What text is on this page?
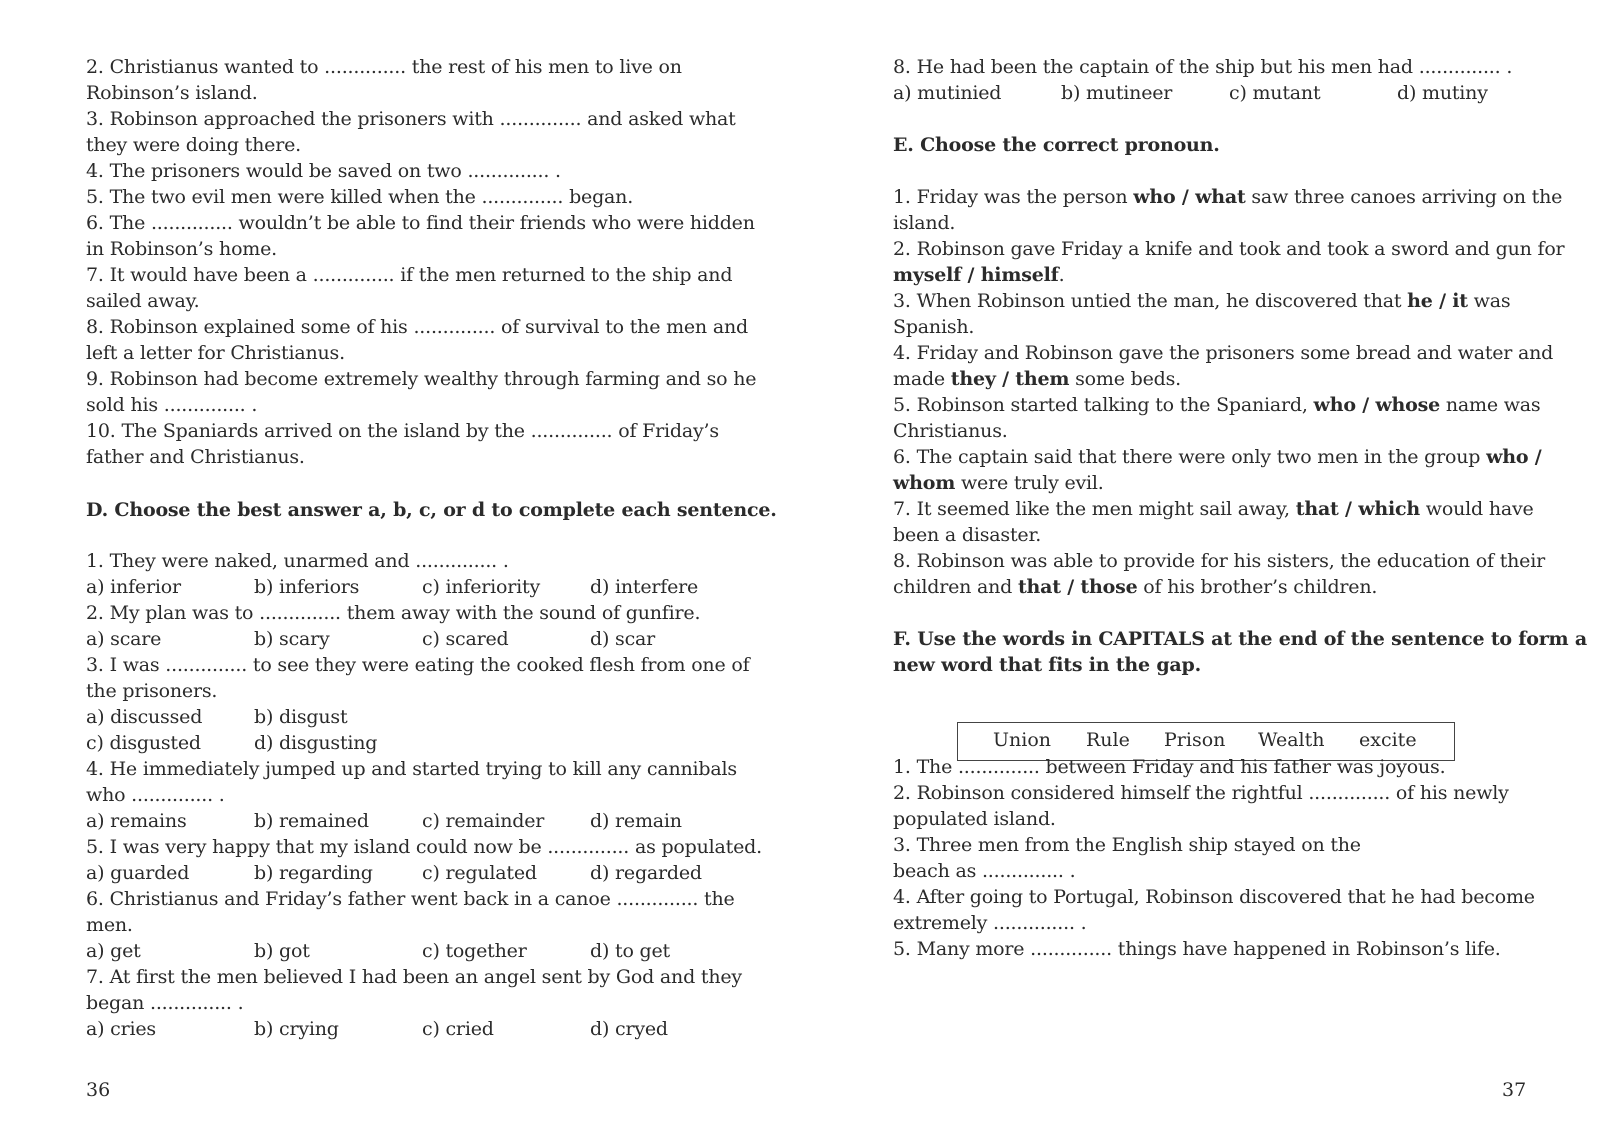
2. Christianus wanted to .............. the rest of his men to live on
Robinson’s island.
3. Robinson approached the prisoners with .............. and asked what
they were doing there.
4. The prisoners would be saved on two .............. .
5. The two evil men were killed when the .............. began.
6. The .............. wouldn’t be able to find their friends who were hidden
in Robinson’s home.
7. It would have been a .............. if the men returned to the ship and
sailed away.
8. Robinson explained some of his .............. of survival to the men and
left a letter for Christianus.
9. Robinson had become extremely wealthy through farming and so he
sold his .............. .
10. The Spaniards arrived on the island by the .............. of Friday’s
father and Christianus.
D. Choose the best answer a, b, c, or d to complete each sentence.
1. They were naked, unarmed and .............. .
a) inferior	b) inferiors	c) inferiority	d) interfere
2. My plan was to .............. them away with the sound of gunfire.
a) scare	b) scary	c) scared	d) scar
3. I was .............. to see they were eating the cooked flesh from one of
the prisoners.
a) discussed	b) disgust
c) disgusted	d) disgusting
4. He immediately jumped up and started trying to kill any cannibals
who .............. .
a) remains	b) remained	c) remainder d) remain
5. I was very happy that my island could now be .............. as populated.
a) guarded	b) regarding	c) regulated	d) regarded
6. Christianus and Friday’s father went back in a canoe .............. the
men.
a) get	b) got	c) together	d) to get
7. At first the men believed I had been an angel sent by God and they
began .............. .
a) cries	b) crying	c) cried	d) cryed
8. He had been the captain of the ship but his men had .............. .
a) mutinied	b) mutineer	c) mutant	d) mutiny
E. Choose the correct pronoun.
1. Friday was the person who / what saw three canoes arriving on the
island.
2. Robinson gave Friday a knife and took and took a sword and gun for
myself / himself.
3. When Robinson untied the man, he discovered that he / it was
Spanish.
4. Friday and Robinson gave the prisoners some bread and water and
made they / them some beds.
5. Robinson started talking to the Spaniard, who / whose name was
Christianus.
6. The captain said that there were only two men in the group who /
whom were truly evil.
7. It seemed like the men might sail away, that / which would have
been a disaster.
8. Robinson was able to provide for his sisters, the education of their
children and that / those of his brother’s children.
F. Use the words in CAPITALS at the end of the sentence to form a
new word that fits in the gap.
Union Rule Prison Wealth excite
1. The .............. between Friday and his father was joyous.
2. Robinson considered himself the rightful .............. of his newly
populated island.
3. Three men from the English ship stayed on the
beach as .............. .
4. After going to Portugal, Robinson discovered that he had become
extremely .............. .
5. Many more .............. things have happened in Robinson’s life.
36	37
